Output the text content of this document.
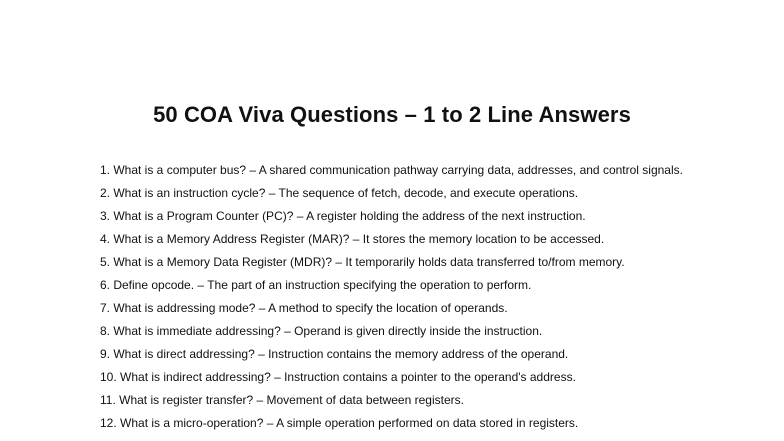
50 COA Viva Questions – 1 to 2 Line Answers
1. What is a computer bus? – A shared communication pathway carrying data, addresses, and control signals.
2. What is an instruction cycle? – The sequence of fetch, decode, and execute operations.
3. What is a Program Counter (PC)? – A register holding the address of the next instruction.
4. What is a Memory Address Register (MAR)? – It stores the memory location to be accessed.
5. What is a Memory Data Register (MDR)? – It temporarily holds data transferred to/from memory.
6. Define opcode. – The part of an instruction specifying the operation to perform.
7. What is addressing mode? – A method to specify the location of operands.
8. What is immediate addressing? – Operand is given directly inside the instruction.
9. What is direct addressing? – Instruction contains the memory address of the operand.
10. What is indirect addressing? – Instruction contains a pointer to the operand's address.
11. What is register transfer? – Movement of data between registers.
12. What is a micro-operation? – A simple operation performed on data stored in registers.
